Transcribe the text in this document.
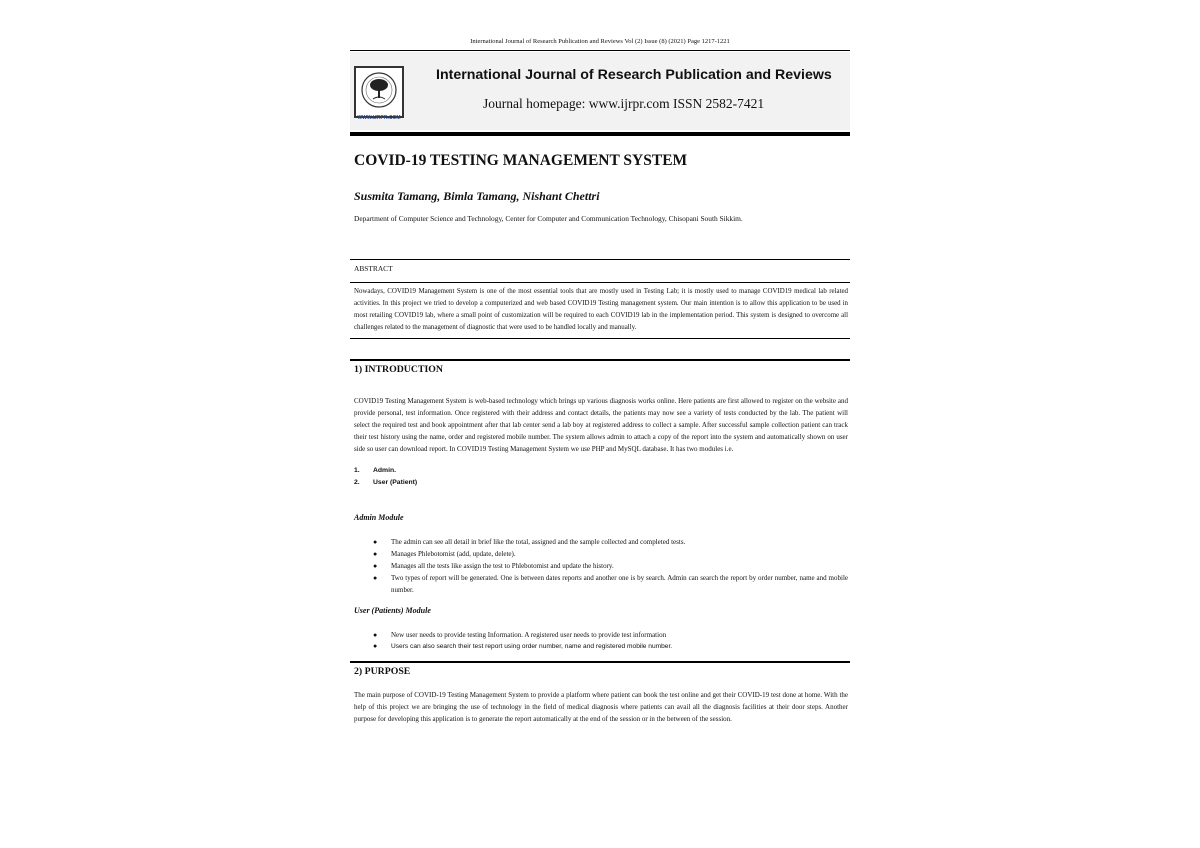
International Journal of Research Publication and Reviews Vol (2) Issue (8) (2021) Page 1217-1221
WWW.IJRPR.COM
International Journal of Research Publication and Reviews
Journal homepage: www.ijrpr.com ISSN 2582-7421
COVID-19 TESTING MANAGEMENT SYSTEM
Susmita Tamang, Bimla Tamang, Nishant Chettri
Department of Computer Science and Technology, Center for Computer and Communication Technology, Chisopani South Sikkim.
ABSTRACT
Nowadays, COVID19 Management System is one of the most essential tools that are mostly used in Testing Lab; it is mostly used to manage COVID19 medical lab related activities. In this project we tried to develop a computerized and web based COVID19 Testing management system. Our main intention is to allow this application to be used in most retailing COVID19 lab, where a small point of customization will be required to each COVID19 lab in the implementation period. This system is designed to overcome all challenges related to the management of diagnostic that were used to be handled locally and manually.
1) INTRODUCTION
COVID19 Testing Management System is web-based technology which brings up various diagnosis works online. Here patients are first allowed to register on the website and provide personal, test information. Once registered with their address and contact details, the patients may now see a variety of tests conducted by the lab. The patient will select the required test and book appointment after that lab center send a lab boy at registered address to collect a sample. After successful sample collection patient can track their test history using the name, order and registered mobile number. The system allows admin to attach a copy of the report into the system and automatically shown on user side so user can download report. In COVID19 Testing Management System we use PHP and MySQL database. It has two modules i.e.
1. Admin.
2. User (Patient)
Admin Module
● The admin can see all detail in brief like the total, assigned and the sample collected and completed tests.
● Manages Phlebotomist (add, update, delete).
● Manages all the tests like assign the test to Phlebotomist and update the history.
● Two types of report will be generated. One is between dates reports and another one is by search. Admin can search the report by order number, name and mobile number.
User (Patients) Module
● New user needs to provide testing Information. A registered user needs to provide test information
● Users can also search their test report using order number, name and registered mobile number.
2) PURPOSE
The main purpose of COVID-19 Testing Management System to provide a platform where patient can book the test online and get their COVID-19 test done at home. With the help of this project we are bringing the use of technology in the field of medical diagnosis where patients can avail all the diagnosis facilities at their door steps. Another purpose for developing this application is to generate the report automatically at the end of the session or in the between of the session.
